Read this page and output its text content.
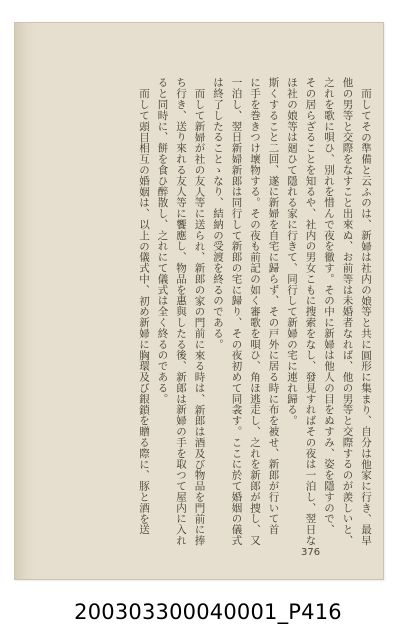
而してその準備と云ふのは、新婦は社内の娘等と共に圓形に集まり、自分は他家に行き、最早

他の男等と交際をなすこと出來ぬ、お前等は未婚者なれば、他の男等と交際するのが羨しいと、

之れを歌に唄ひ、別れを惜んで夜を徹す。その中に新婦は他人の目をぬすみ、姿を隱すので、

その居らざることを知るや、社内の男女こもに搜索をなし、發見すればその夜は一泊し、翌日な

ほ社の娘等は廻ひて隱れる家に行きて、同行して新婦の宅に連れ歸る。

斯くすること二回、遂に新婦を自宅に歸らず、その戸外に居る時に布を被せ、新郎が行いて首

に手を巻きつけ壞物する。その夜も前記の如く審歌を唄ひ、角ほ逃走し、之れを新郎が捜し、又

一泊し、翌日新婦新郎は同行して新郎の宅に歸り、その夜初めて同衾す。ここに於て婚姻の儀式

は終了したることゝなり、結納の受渡を終るのである。

而して新婦が社の友人等に送られ、新郎の家の門前に來る時は、新郎は酒及び物品を門前に捧

ち行き、送り來れる友人等に饗應し、物品を惠與したる後、新郎は新婦の手を取つて屋内に入れ

ると同時に、餅を食ひ醉散し、之れにて儀式は全く終るのである。

而して頭目相互の婚姻は、以上の儀式中、初め新婦に胸環及び銀鎖を贈る際に、豚と酒を送

376
200303300040001_P416
